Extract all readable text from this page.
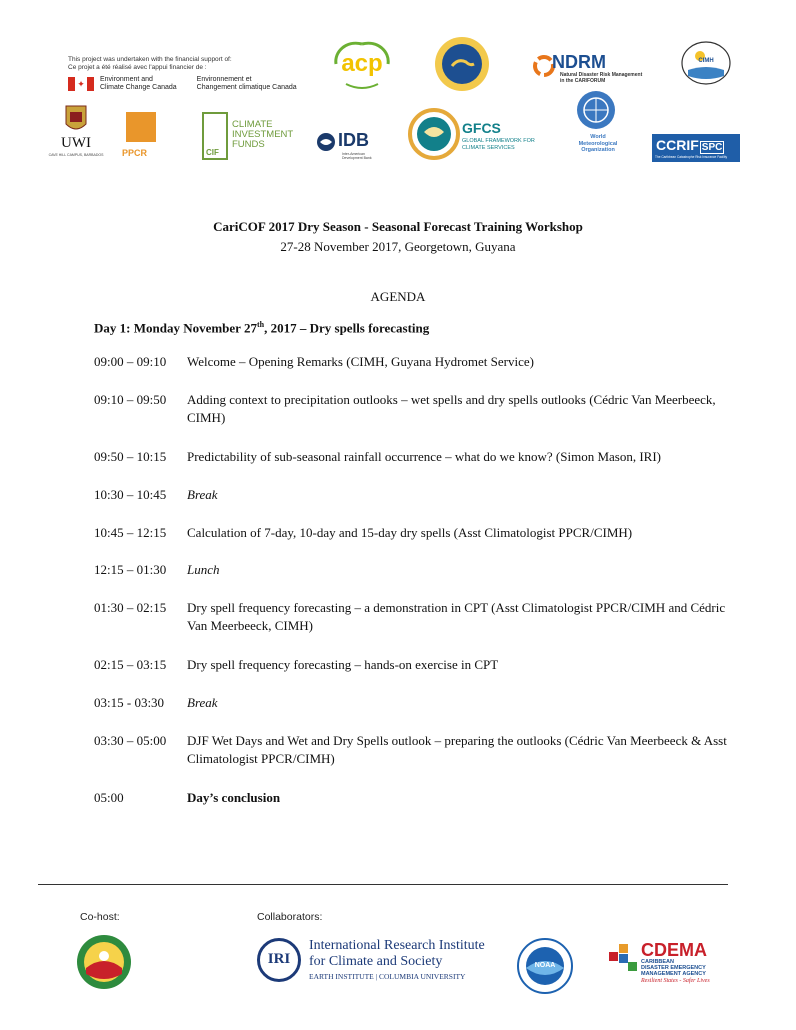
This project was undertaken with the financial support of:
Ce projet a été réalisé avec l'appui financier de :
✦	Environment and
Climate Change Canada
Environnement et
Changement climatique Canada
acp	NDRM
Natural Disaster Risk Management
in the CARIFORUM
CIMH
UWI
CAVE HILL CAMPUS, BARBADOS PPCR	CIF
CLIMATE
INVESTMENT
FUNDS	IDB
Inter-American Development Bank
GFCS
GLOBAL FRAMEWORK FOR
CLIMATE SERVICES
World
Meteorological
Organization	CCRIF SPC
The Caribbean Catastrophe Risk Insurance Facility
CariCOF 2017 Dry Season - Seasonal Forecast Training Workshop
27-28 November 2017, Georgetown, Guyana
AGENDA
Day 1: Monday November 27th, 2017 – Dry spells forecasting
09:00 – 09:10	Welcome – Opening Remarks (CIMH, Guyana Hydromet Service)
09:10 – 09:50	Adding context to precipitation outlooks – wet spells and dry spells outlooks (Cédric Van Meerbeeck, CIMH)
09:50 – 10:15	Predictability of sub-seasonal rainfall occurrence – what do we know? (Simon Mason, IRI)
10:30 – 10:45	Break
10:45 – 12:15	Calculation of 7-day, 10-day and 15-day dry spells (Asst Climatologist PPCR/CIMH)
12:15 – 01:30	Lunch
01:30 – 02:15	Dry spell frequency forecasting – a demonstration in CPT (Asst Climatologist PPCR/CIMH and Cédric Van Meerbeeck, CIMH)
02:15 – 03:15	Dry spell frequency forecasting – hands-on exercise in CPT
03:15 - 03:30	Break
03:30 – 05:00	DJF Wet Days and Wet and Dry Spells outlook – preparing the outlooks (Cédric Van Meerbeeck & Asst Climatologist PPCR/CIMH)
05:00	Day’s conclusion
Co-host:	Collaborators:
IRI
International Research Institute
for Climate and Society
EARTH INSTITUTE | COLUMBIA UNIVERSITY
NOAA
CDEMA
CARIBBEAN
DISASTER EMERGENCY
MANAGEMENT AGENCY
Resilient States - Safer Lives
